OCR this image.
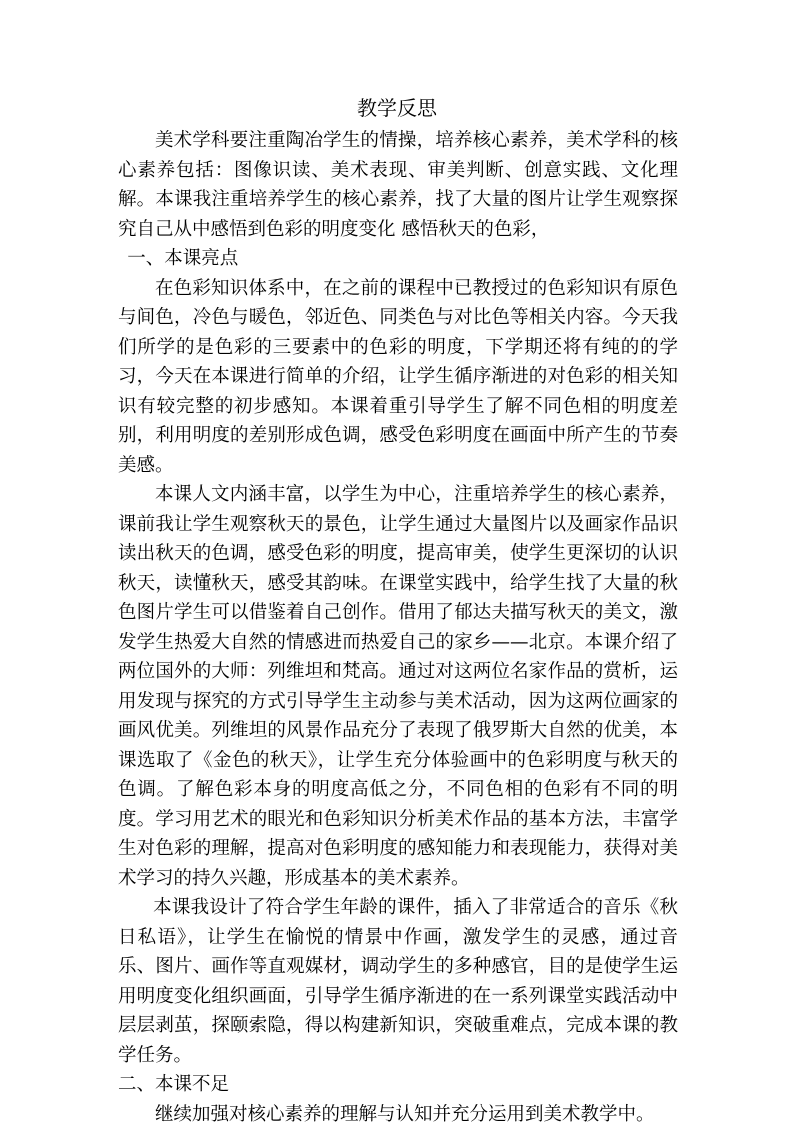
教学反思

美术学科要注重陶冶学生的情操，培养核心素养，美术学科的核心素养包括：图像识读、美术表现、审美判断、创意实践、文化理解。本课我注重培养学生的核心素养，找了大量的图片让学生观察探究自己从中感悟到色彩的明度变化 感悟秋天的色彩，

一、本课亮点

在色彩知识体系中，在之前的课程中已教授过的色彩知识有原色与间色，冷色与暖色，邻近色、同类色与对比色等相关内容。今天我们所学的是色彩的三要素中的色彩的明度，下学期还将有纯的的学习，今天在本课进行简单的介绍，让学生循序渐进的对色彩的相关知识有较完整的初步感知。本课着重引导学生了解不同色相的明度差别，利用明度的差别形成色调，感受色彩明度在画面中所产生的节奏美感。

本课人文内涵丰富，以学生为中心，注重培养学生的核心素养，课前我让学生观察秋天的景色，让学生通过大量图片以及画家作品识读出秋天的色调，感受色彩的明度，提高审美，使学生更深切的认识秋天，读懂秋天，感受其韵味。在课堂实践中，给学生找了大量的秋色图片学生可以借鉴着自己创作。借用了郁达夫描写秋天的美文，激发学生热爱大自然的情感进而热爱自己的家乡——北京。本课介绍了两位国外的大师：列维坦和梵高。通过对这两位名家作品的赏析，运用发现与探究的方式引导学生主动参与美术活动，因为这两位画家的画风优美。列维坦的风景作品充分了表现了俄罗斯大自然的优美，本课选取了《金色的秋天》，让学生充分体验画中的色彩明度与秋天的色调。了解色彩本身的明度高低之分，不同色相的色彩有不同的明度。学习用艺术的眼光和色彩知识分析美术作品的基本方法，丰富学生对色彩的理解，提高对色彩明度的感知能力和表现能力，获得对美术学习的持久兴趣，形成基本的美术素养。

本课我设计了符合学生年龄的课件，插入了非常适合的音乐《秋日私语》，让学生在愉悦的情景中作画，激发学生的灵感，通过音乐、图片、画作等直观媒材，调动学生的多种感官，目的是使学生运用明度变化组织画面，引导学生循序渐进的在一系列课堂实践活动中层层剥茧，探颐索隐，得以构建新知识，突破重难点，完成本课的教学任务。

二、本课不足

继续加强对核心素养的理解与认知并充分运用到美术教学中。
